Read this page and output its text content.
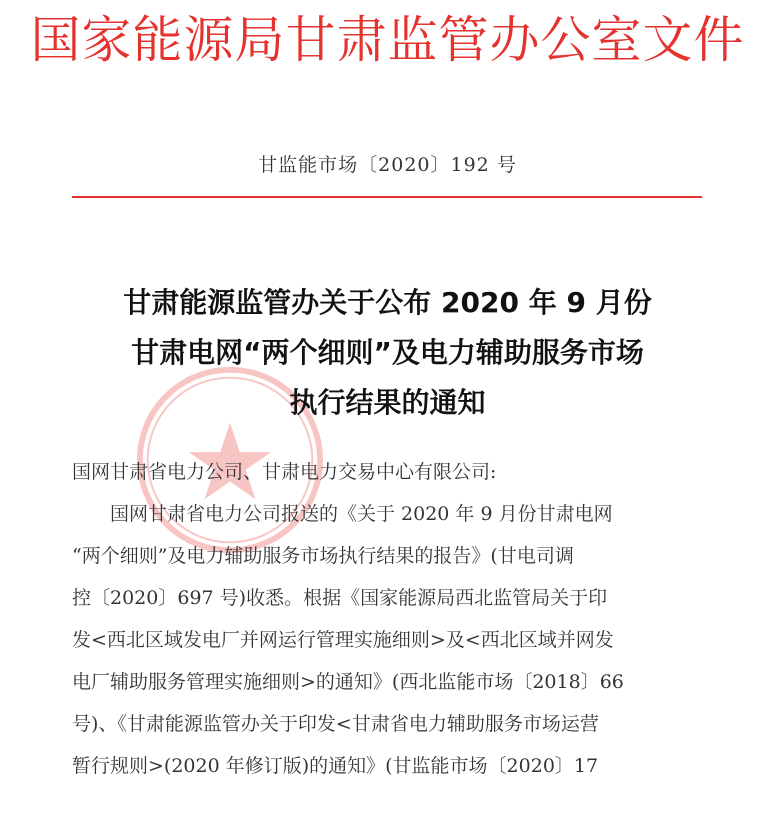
国家能源局甘肃监管办公室文件
甘监能市场〔2020〕192 号
甘肃能源监管办关于公布 2020 年 9 月份
甘肃电网“两个细则”及电力辅助服务市场
执行结果的通知

国网甘肃省电力公司、甘肃电力交易中心有限公司:

国网甘肃省电力公司报送的《关于 2020 年 9 月份甘肃电网

“两个细则”及电力辅助服务市场执行结果的报告》(甘电司调

控〔2020〕697 号)收悉。根据《国家能源局西北监管局关于印

发<西北区域发电厂并网运行管理实施细则>及<西北区域并网发

电厂辅助服务管理实施细则>的通知》(西北监能市场〔2018〕66

号)、《甘肃能源监管办关于印发<甘肃省电力辅助服务市场运营

暂行规则>(2020 年修订版)的通知》(甘监能市场〔2020〕17
